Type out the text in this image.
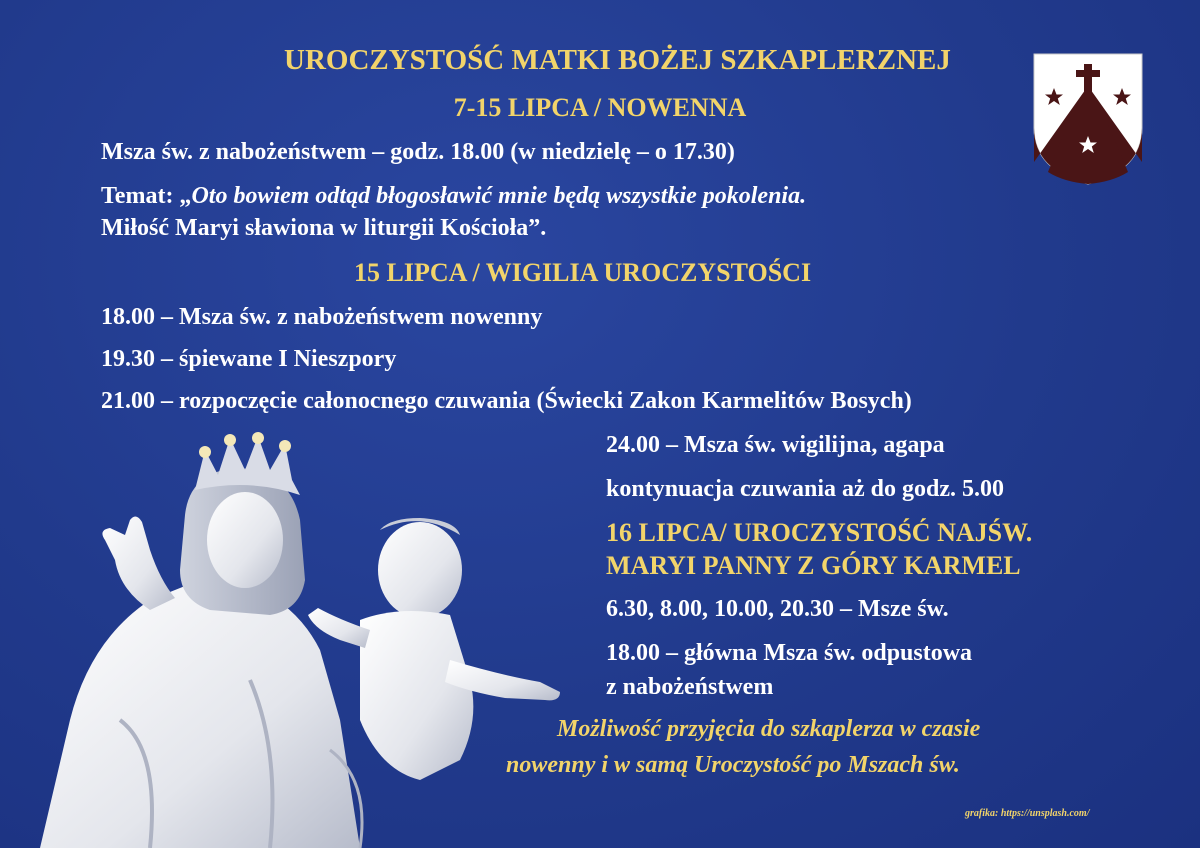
UROCZYSTOŚĆ MATKI BOŻEJ SZKAPLERZNEJ
7-15 LIPCA / NOWENNA
Msza św. z nabożeństwem – godz. 18.00 (w niedzielę – o 17.30)
Temat: „Oto bowiem odtąd błogosławić mnie będą wszystkie pokolenia.
Miłość Maryi sławiona w liturgii Kościoła”.
15 LIPCA / WIGILIA UROCZYSTOŚCI
18.00 – Msza św. z nabożeństwem nowenny
19.30 – śpiewane I Nieszpory
21.00 – rozpoczęcie całonocnego czuwania (Świecki Zakon Karmelitów Bosych)
24.00 – Msza św. wigilijna, agapa
kontynuacja czuwania aż do godz. 5.00
16 LIPCA/ UROCZYSTOŚĆ NAJŚW.
MARYI PANNY Z GÓRY KARMEL
6.30, 8.00, 10.00, 20.30 – Msze św.
18.00 – główna Msza św. odpustowa
z nabożeństwem
Możliwość przyjęcia do szkaplerza w czasie
nowenny i w samą Uroczystość po Mszach św.
grafika: https://unsplash.com/
